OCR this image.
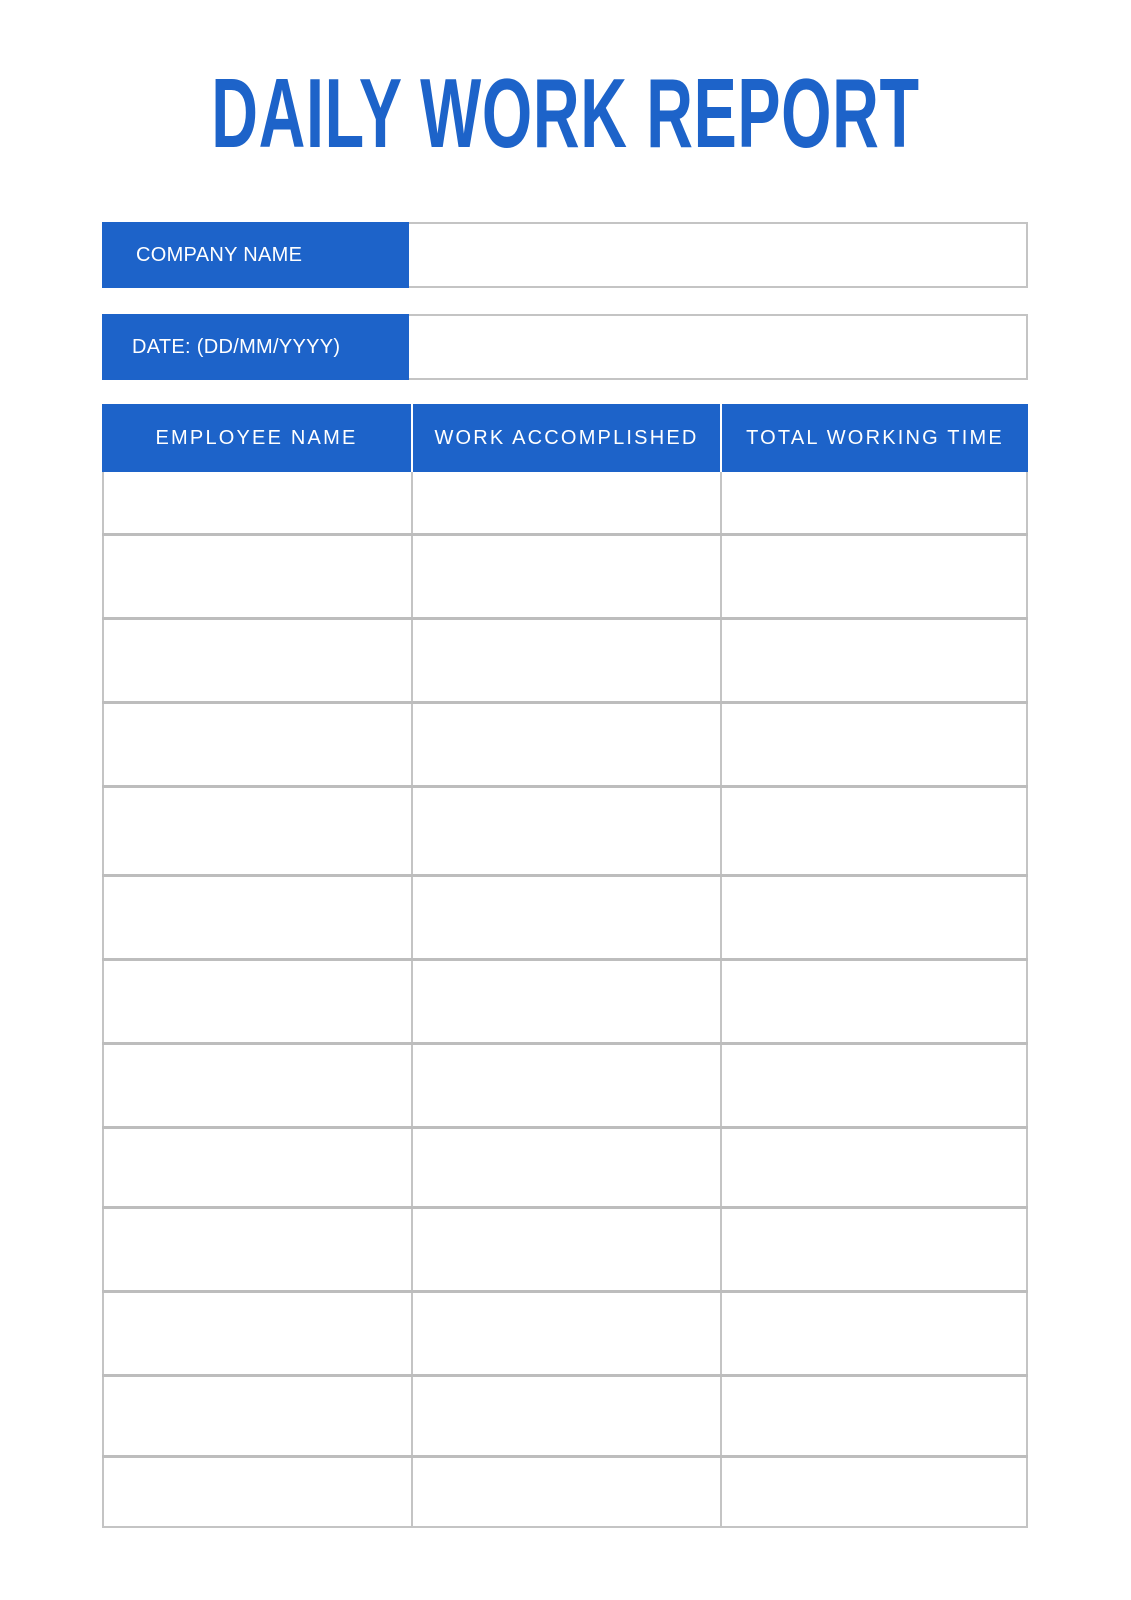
DAILY WORK REPORT
COMPANY NAME
DATE: (DD/MM/YYYY)
EMPLOYEE NAME	WORK ACCOMPLISHED	TOTAL WORKING TIME
